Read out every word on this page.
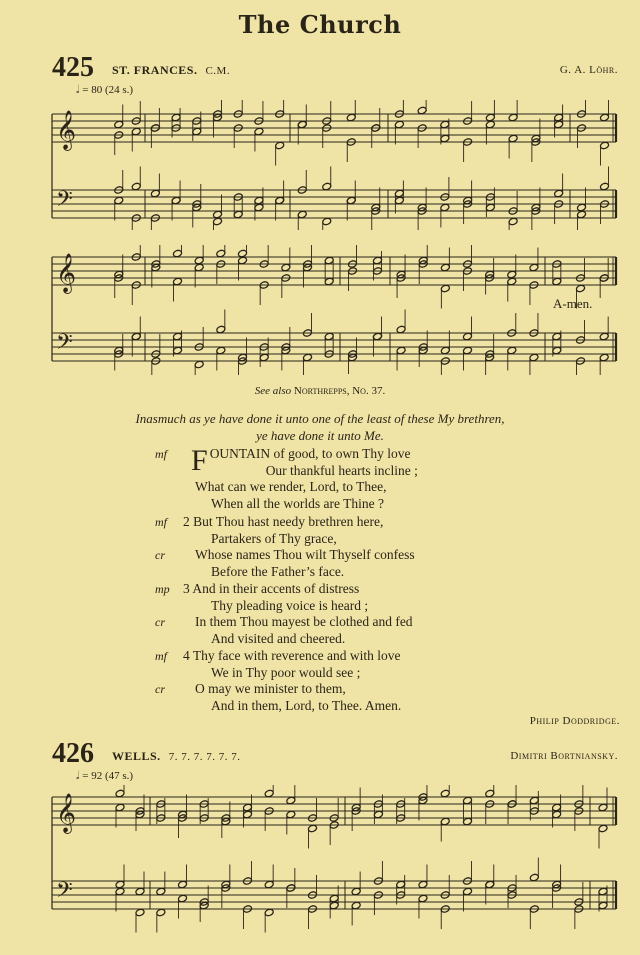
The Church
425 ST. FRANCES. C.M.	G. A. Löhr.
𝅗𝅥 = 80 (24 s.)
𝄞
𝄢
𝄞
𝄢
A-men.
See also Northrepps, No. 37.
Inasmuch as ye have done it unto one of the least of these My brethren,
ye have done it unto Me.
mf F OUNTAIN of good, to own Thy love
Our thankful hearts incline ;
What can we render, Lord, to Thee,
When all the worlds are Thine ?
mf 2 But Thou hast needy brethren here,
Partakers of Thy grace,
cr Whose names Thou wilt Thyself confess
Before the Father’s face.
mp 3 And in their accents of distress
Thy pleading voice is heard ;
cr In them Thou mayest be clothed and fed
And visited and cheered.
mf 4 Thy face with reverence and with love
We in Thy poor would see ;
cr O may we minister to them,
And in them, Lord, to Thee. Amen.
Philip Doddridge.
426 WELLS. 7. 7. 7. 7. 7. 7.	Dimitri Bortniansky.
𝅗𝅥 = 92 (47 s.)
𝄞
𝄢
